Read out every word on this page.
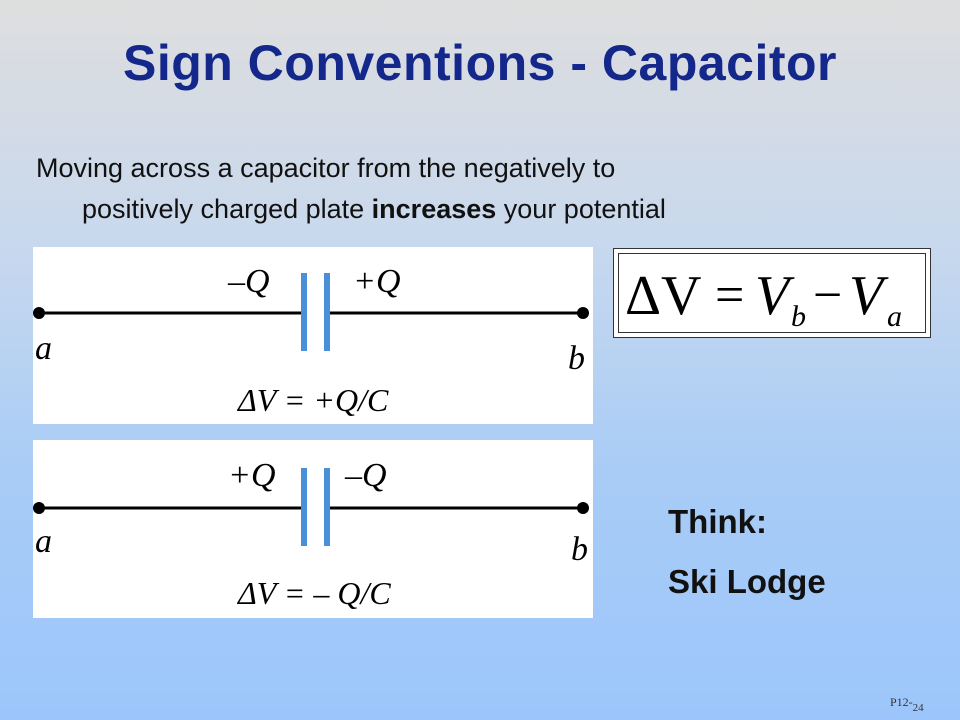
Sign Conventions - Capacitor
Moving across a capacitor from the negatively to
positively charged plate increases your potential
–Q +Q
a	b
ΔV = +Q/C
+Q –Q
a	b
ΔV = – Q/C
ΔV = V b − V a
Think:
Ski Lodge
P12-24
